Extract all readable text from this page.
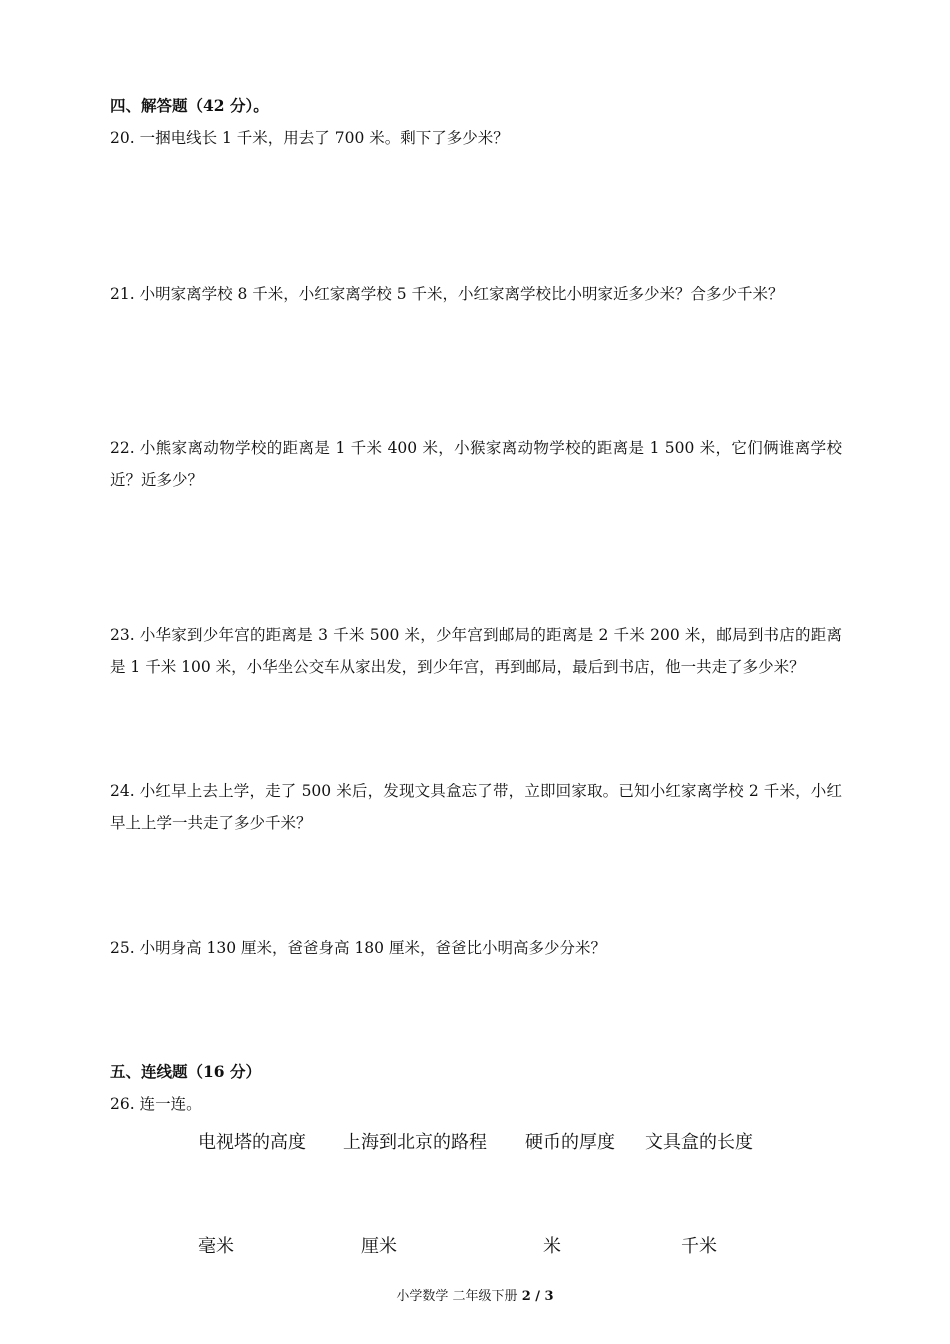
四、解答题（42 分）。
20. 一捆电线长 1 千米，用去了 700 米。剩下了多少米？
21. 小明家离学校 8 千米，小红家离学校 5 千米，小红家离学校比小明家近多少米？合多少千米？
22. 小熊家离动物学校的距离是 1 千米 400 米，小猴家离动物学校的距离是 1 500 米，它们俩谁离学校近？近多少？
23. 小华家到少年宫的距离是 3 千米 500 米，少年宫到邮局的距离是 2 千米 200 米，邮局到书店的距离是 1 千米 100 米，小华坐公交车从家出发，到少年宫，再到邮局，最后到书店，他一共走了多少米？
24. 小红早上去上学，走了 500 米后，发现文具盒忘了带，立即回家取。已知小红家离学校 2 千米，小红早上上学一共走了多少千米？
25. 小明身高 130 厘米，爸爸身高 180 厘米，爸爸比小明高多少分米？
五、连线题（16 分）
26. 连一连。
电视塔的高度 上海到北京的路程 硬币的厚度 文具盒的长度
毫米	厘米	米	千米
小学数学 二年级下册 2 / 3
